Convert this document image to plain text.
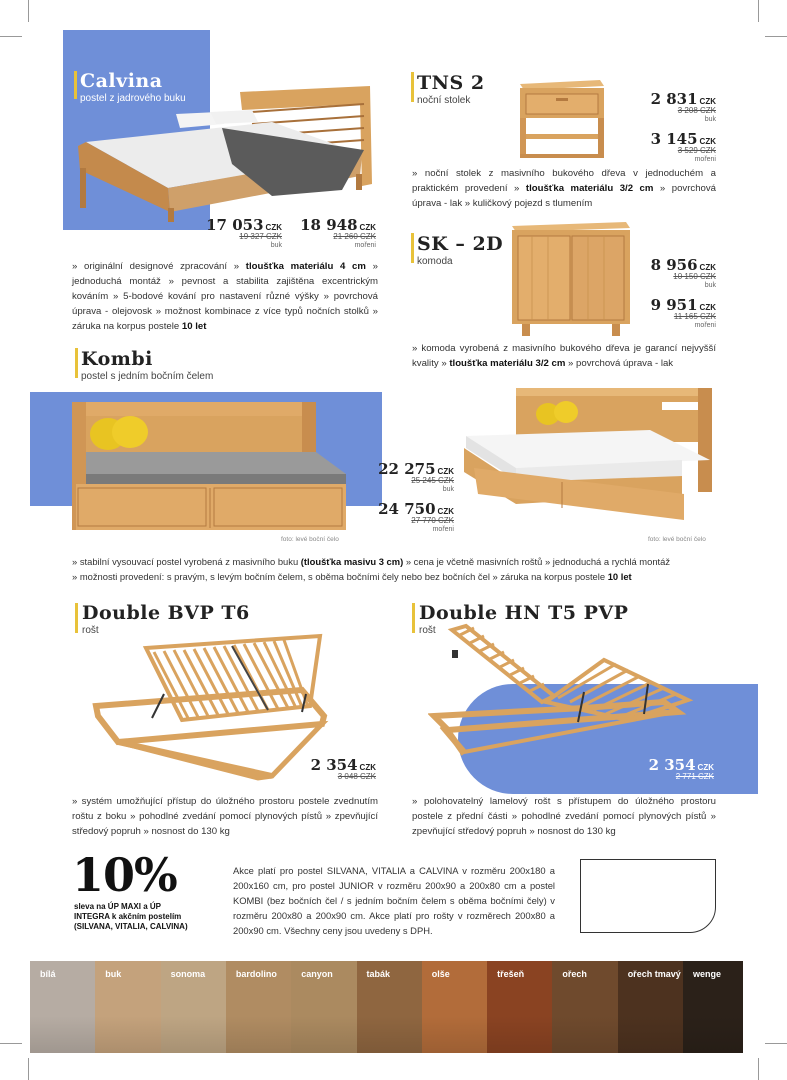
Calvina
postel z jadrového buku
17 053 CZK
19 327 CZK
buk
18 948 CZK
21 260 CZK
mořeni
» originální designové zpracování » tloušťka materiálu 4 cm » jednoduchá montáž » pevnost a stabilita zajištěna excentrickým kováním » 5-bodové kování pro nastavení různé výšky » povrchová úprava - olejovosk » možnost kombinace z více typů nočních stolků » záruka na korpus postele 10 let
TNS 2
noční stolek	2 831 CZK
3 208 CZK
buk
3 145 CZK
3 529 CZK
mořeni
» noční stolek z masivního bukového dřeva v jednoduchém a praktickém provedení » tloušťka materiálu 3/2 cm » povrchová úprava - lak » kuličkový pojezd s tlumením
SK – 2D
komoda	8 956 CZK
10 150 CZK
buk
9 951 CZK
11 165 CZK
mořeni
» komoda vyrobená z masivního bukového dřeva je garancí nejvyšší kvality » tloušťka materiálu 3/2 cm » povrchová úprava - lak
Kombi
postel s jedním bočním čelem
22 275 CZK
25 245 CZK
buk
24 750 CZK
27 770 CZK
mořeni
foto: levé boční čelo	foto: levé boční čelo
» stabilní vysouvací postel vyrobená z masivního buku (tloušťka masivu 3 cm) » cena je včetně masivních roštů » jednoduchá a rychlá montáž
» možnosti provedení: s pravým, s levým bočním čelem, s oběma bočními čely nebo bez bočních čel » záruka na korpus postele 10 let
Double BVP T6
rošt
2 354 CZK
3 048 CZK
» systém umožňující přístup do úložného prostoru postele zvednutím roštu z boku » pohodlné zvedání pomocí plynových pístů » zpevňující středový popruh » nosnost do 130 kg
Double HN T5 PVP
rošt
2 354 CZK
2 771 CZK
» polohovatelný lamelový rošt s přístupem do úložného prostoru postele z přední části » pohodlné zvedání pomocí plynových pístů » zpevňující středový popruh » nosnost do 130 kg
10%
sleva na ÚP MAXI a ÚP
INTEGRA k akčním postelím
(SILVANA, VITALIA, CALVINA)
Akce platí pro postel SILVANA, VITALIA a CALVINA v rozměru 200x180 a 200x160 cm, pro postel JUNIOR v rozměru 200x90 a 200x80 cm a postel KOMBI (bez bočních čel / s jedním bočním čelem s oběma bočními čely) v rozměru 200x80 a 200x90 cm. Akce platí pro rošty v rozměrech 200x80 a 200x90 cm. Všechny ceny jsou uvedeny s DPH.
bílá	buk	sonoma	bardolino	canyon	tabák	olše	třešeň	ořech	ořech tmavý wenge
